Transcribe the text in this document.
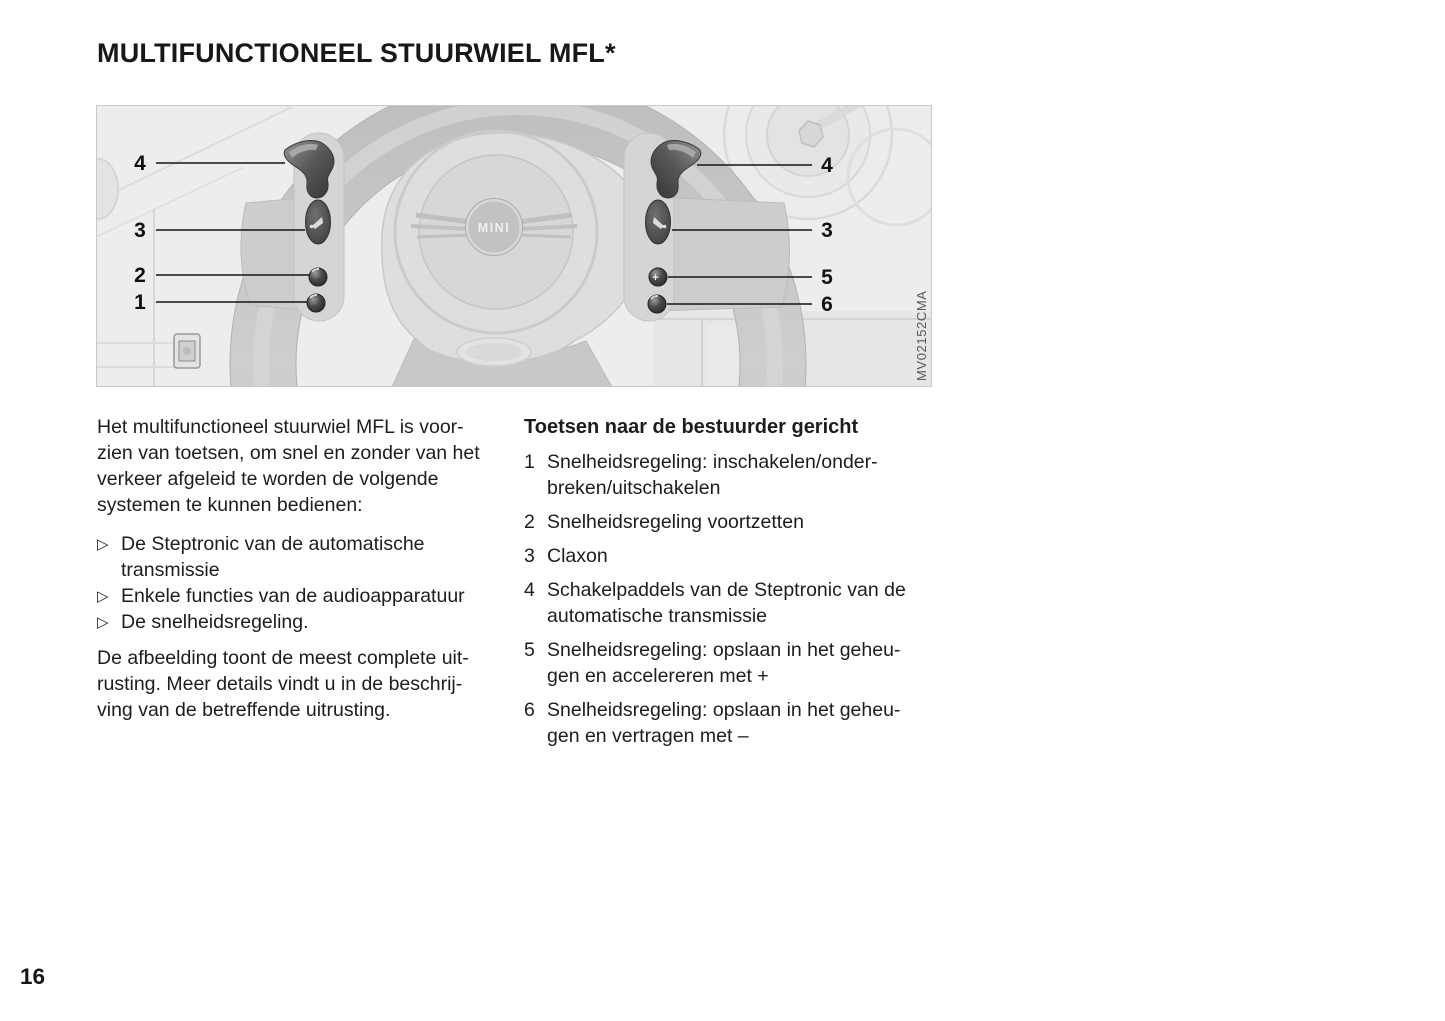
MULTIFUNCTIONEEL STUURWIEL MFL*
MINI
+
4
3
2
1
4
3
5
6	MV02152CMA

Het multifunctioneel stuurwiel MFL is voor-
zien van toetsen, om snel en zonder van het
verkeer afgeleid te worden de volgende
systemen te kunnen bedienen:

▷ De Steptronic van de automatische
transmissie
▷ Enkele functies van de audioapparatuur
▷ De snelheidsregeling.

De afbeelding toont de meest complete uit-
rusting. Meer details vindt u in de beschrij-
ving van de betreffende uitrusting.

Toetsen naar de bestuurder gericht
1 Snelheidsregeling: inschakelen/onder-
breken/uitschakelen
2 Snelheidsregeling voortzetten
3 Claxon
4 Schakelpaddels van de Steptronic van de
automatische transmissie
5 Snelheidsregeling: opslaan in het geheu-
gen en accelereren met +
6 Snelheidsregeling: opslaan in het geheu-
gen en vertragen met –
16
